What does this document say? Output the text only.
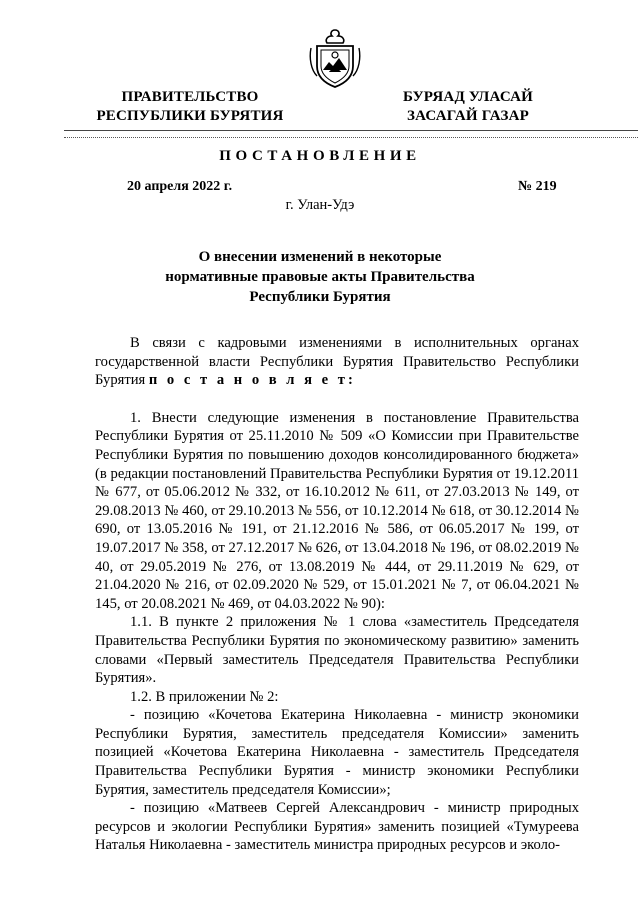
ПРАВИТЕЛЬСТВО
РЕСПУБЛИКИ БУРЯТИЯ
БУРЯАД УЛАСАЙ
ЗАСАГАЙ ГАЗАР
ПОСТАНОВЛЕНИЕ
20 апреля 2022 г.	№ 219
г. Улан-Удэ
О внесении изменений в некоторые
нормативные правовые акты Правительства
Республики Бурятия

В связи с кадровыми изменениями в исполнительных органах государственной власти Республики Бурятия Правительство Республики Бурятия п о с т а н о в л я е т:

1. Внести следующие изменения в постановление Правительства Республики Бурятия от 25.11.2010 № 509 «О Комиссии при Правительстве Республики Бурятия по повышению доходов консолидированного бюджета» (в редакции постановлений Правительства Республики Бурятия от 19.12.2011 № 677, от 05.06.2012 № 332, от 16.10.2012 № 611, от 27.03.2013 № 149, от 29.08.2013 № 460, от 29.10.2013 № 556, от 10.12.2014 № 618, от 30.12.2014 № 690, от 13.05.2016 № 191, от 21.12.2016 № 586, от 06.05.2017 № 199, от 19.07.2017 № 358, от 27.12.2017 № 626, от 13.04.2018 № 196, от 08.02.2019 № 40, от 29.05.2019 № 276, от 13.08.2019 № 444, от 29.11.2019 № 629, от 21.04.2020 № 216, от 02.09.2020 № 529, от 15.01.2021 № 7, от 06.04.2021 № 145, от 20.08.2021 № 469, от 04.03.2022 № 90):

1.1. В пункте 2 приложения № 1 слова «заместитель Председателя Правительства Республики Бурятия по экономическому развитию» заменить словами «Первый заместитель Председателя Правительства Республики Бурятия».

1.2. В приложении № 2:

- позицию «Кочетова Екатерина Николаевна - министр экономики Республики Бурятия, заместитель председателя Комиссии» заменить позицией «Кочетова Екатерина Николаевна - заместитель Председателя Правительства Республики Бурятия - министр экономики Республики Бурятия, заместитель председателя Комиссии»;

- позицию «Матвеев Сергей Александрович - министр природных ресурсов и экологии Республики Бурятия» заменить позицией «Тумуреева Наталья Николаевна - заместитель министра природных ресурсов и эколо-
